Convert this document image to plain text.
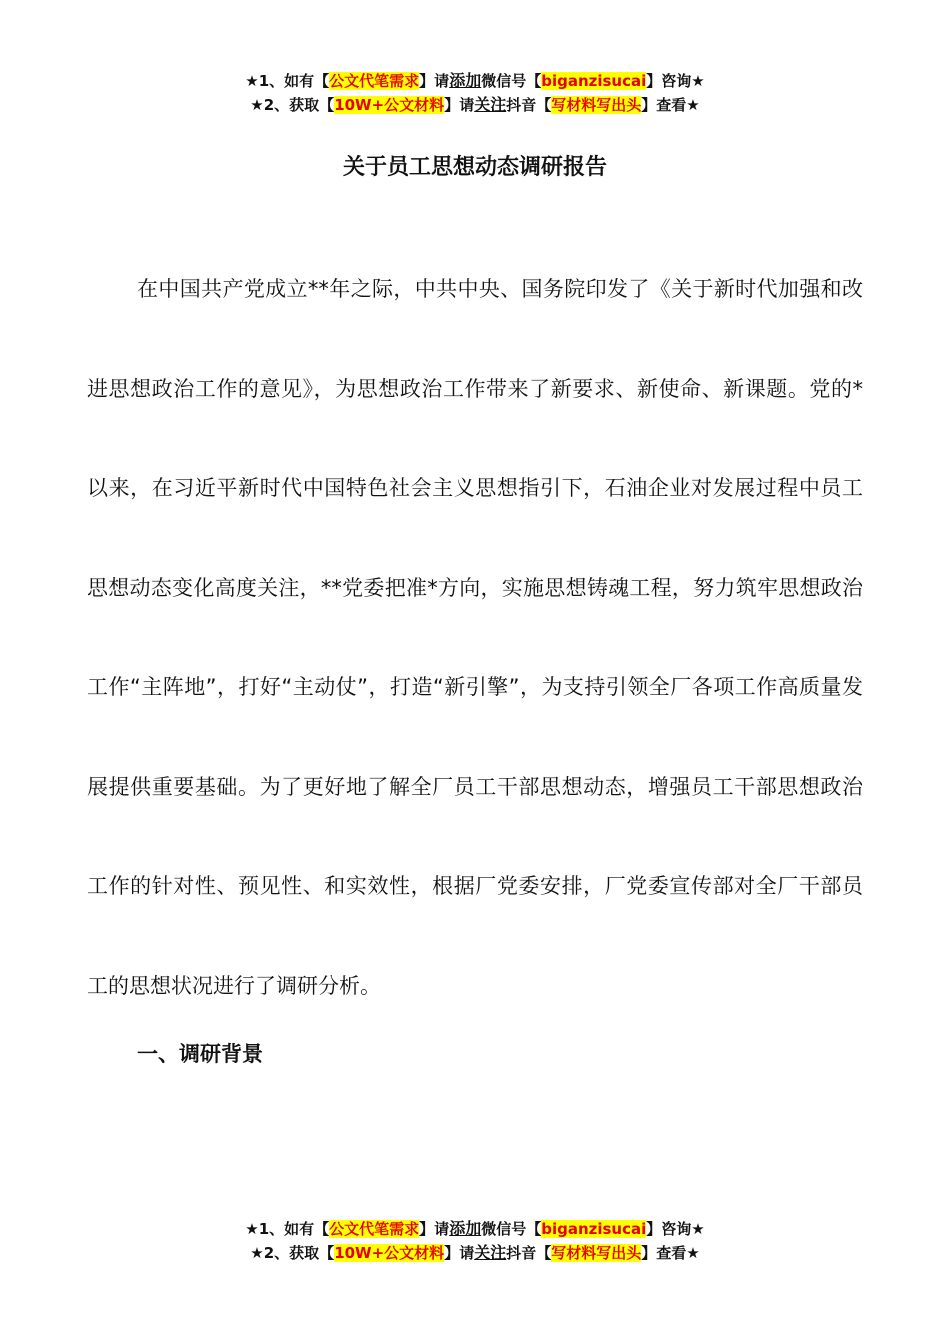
★1、如有【公文代笔需求】请添加微信号【biganzisucai】咨询★
★2、获取【10W+公文材料】请关注抖音【写材料写出头】查看★
关于员工思想动态调研报告

在中国共产党成立**年之际，中共中央、国务院印发了《关于新时代加强和改进思想政治工作的意见》，为思想政治工作带来了新要求、新使命、新课题。党的*以来，在习近平新时代中国特色社会主义思想指引下，石油企业对发展过程中员工思想动态变化高度关注，**党委把准*方向，实施思想铸魂工程，努力筑牢思想政治工作“主阵地”，打好“主动仗”，打造“新引擎”，为支持引领全厂各项工作高质量发展提供重要基础。为了更好地了解全厂员工干部思想动态，增强员工干部思想政治工作的针对性、预见性、和实效性，根据厂党委安排，厂党委宣传部对全厂干部员工的思想状况进行了调研分析。

一、调研背景
★1、如有【公文代笔需求】请添加微信号【biganzisucai】咨询★
★2、获取【10W+公文材料】请关注抖音【写材料写出头】查看★
